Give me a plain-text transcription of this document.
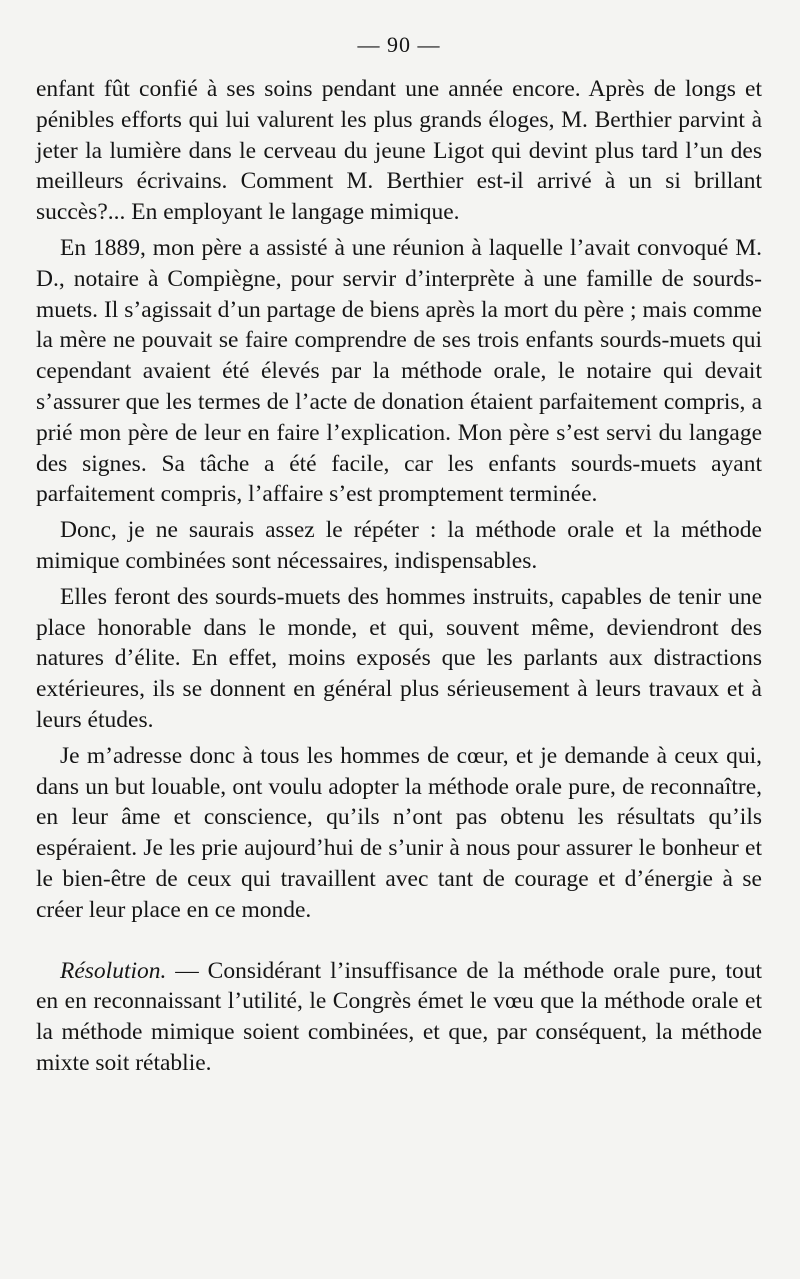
— 90 —

enfant fût confié à ses soins pendant une année encore. Après de longs et pénibles efforts qui lui valurent les plus grands éloges, M. Berthier parvint à jeter la lumière dans le cerveau du jeune Ligot qui devint plus tard l’un des meilleurs écrivains. Comment M. Berthier est-il arrivé à un si brillant succès?... En employant le langage mimique.

En 1889, mon père a assisté à une réunion à laquelle l’avait convoqué M. D., notaire à Compiègne, pour servir d’interprète à une famille de sourds-muets. Il s’agissait d’un partage de biens après la mort du père ; mais comme la mère ne pouvait se faire comprendre de ses trois enfants sourds-muets qui cependant avaient été élevés par la méthode orale, le notaire qui devait s’assurer que les termes de l’acte de donation étaient parfaitement compris, a prié mon père de leur en faire l’explication. Mon père s’est servi du langage des signes. Sa tâche a été facile, car les enfants sourds-muets ayant parfaitement compris, l’affaire s’est promptement terminée.

Donc, je ne saurais assez le répéter : la méthode orale et la méthode mimique combinées sont nécessaires, indispensables.

Elles feront des sourds-muets des hommes instruits, capables de tenir une place honorable dans le monde, et qui, souvent même, deviendront des natures d’élite. En effet, moins exposés que les parlants aux distractions extérieures, ils se donnent en général plus sérieusement à leurs travaux et à leurs études.

Je m’adresse donc à tous les hommes de cœur, et je demande à ceux qui, dans un but louable, ont voulu adopter la méthode orale pure, de reconnaître, en leur âme et conscience, qu’ils n’ont pas obtenu les résultats qu’ils espéraient. Je les prie aujourd’hui de s’unir à nous pour assurer le bonheur et le bien-être de ceux qui travaillent avec tant de courage et d’énergie à se créer leur place en ce monde.

Résolution. — Considérant l’insuffisance de la méthode orale pure, tout en en reconnaissant l’utilité, le Congrès émet le vœu que la méthode orale et la méthode mimique soient combinées, et que, par conséquent, la méthode mixte soit rétablie.
